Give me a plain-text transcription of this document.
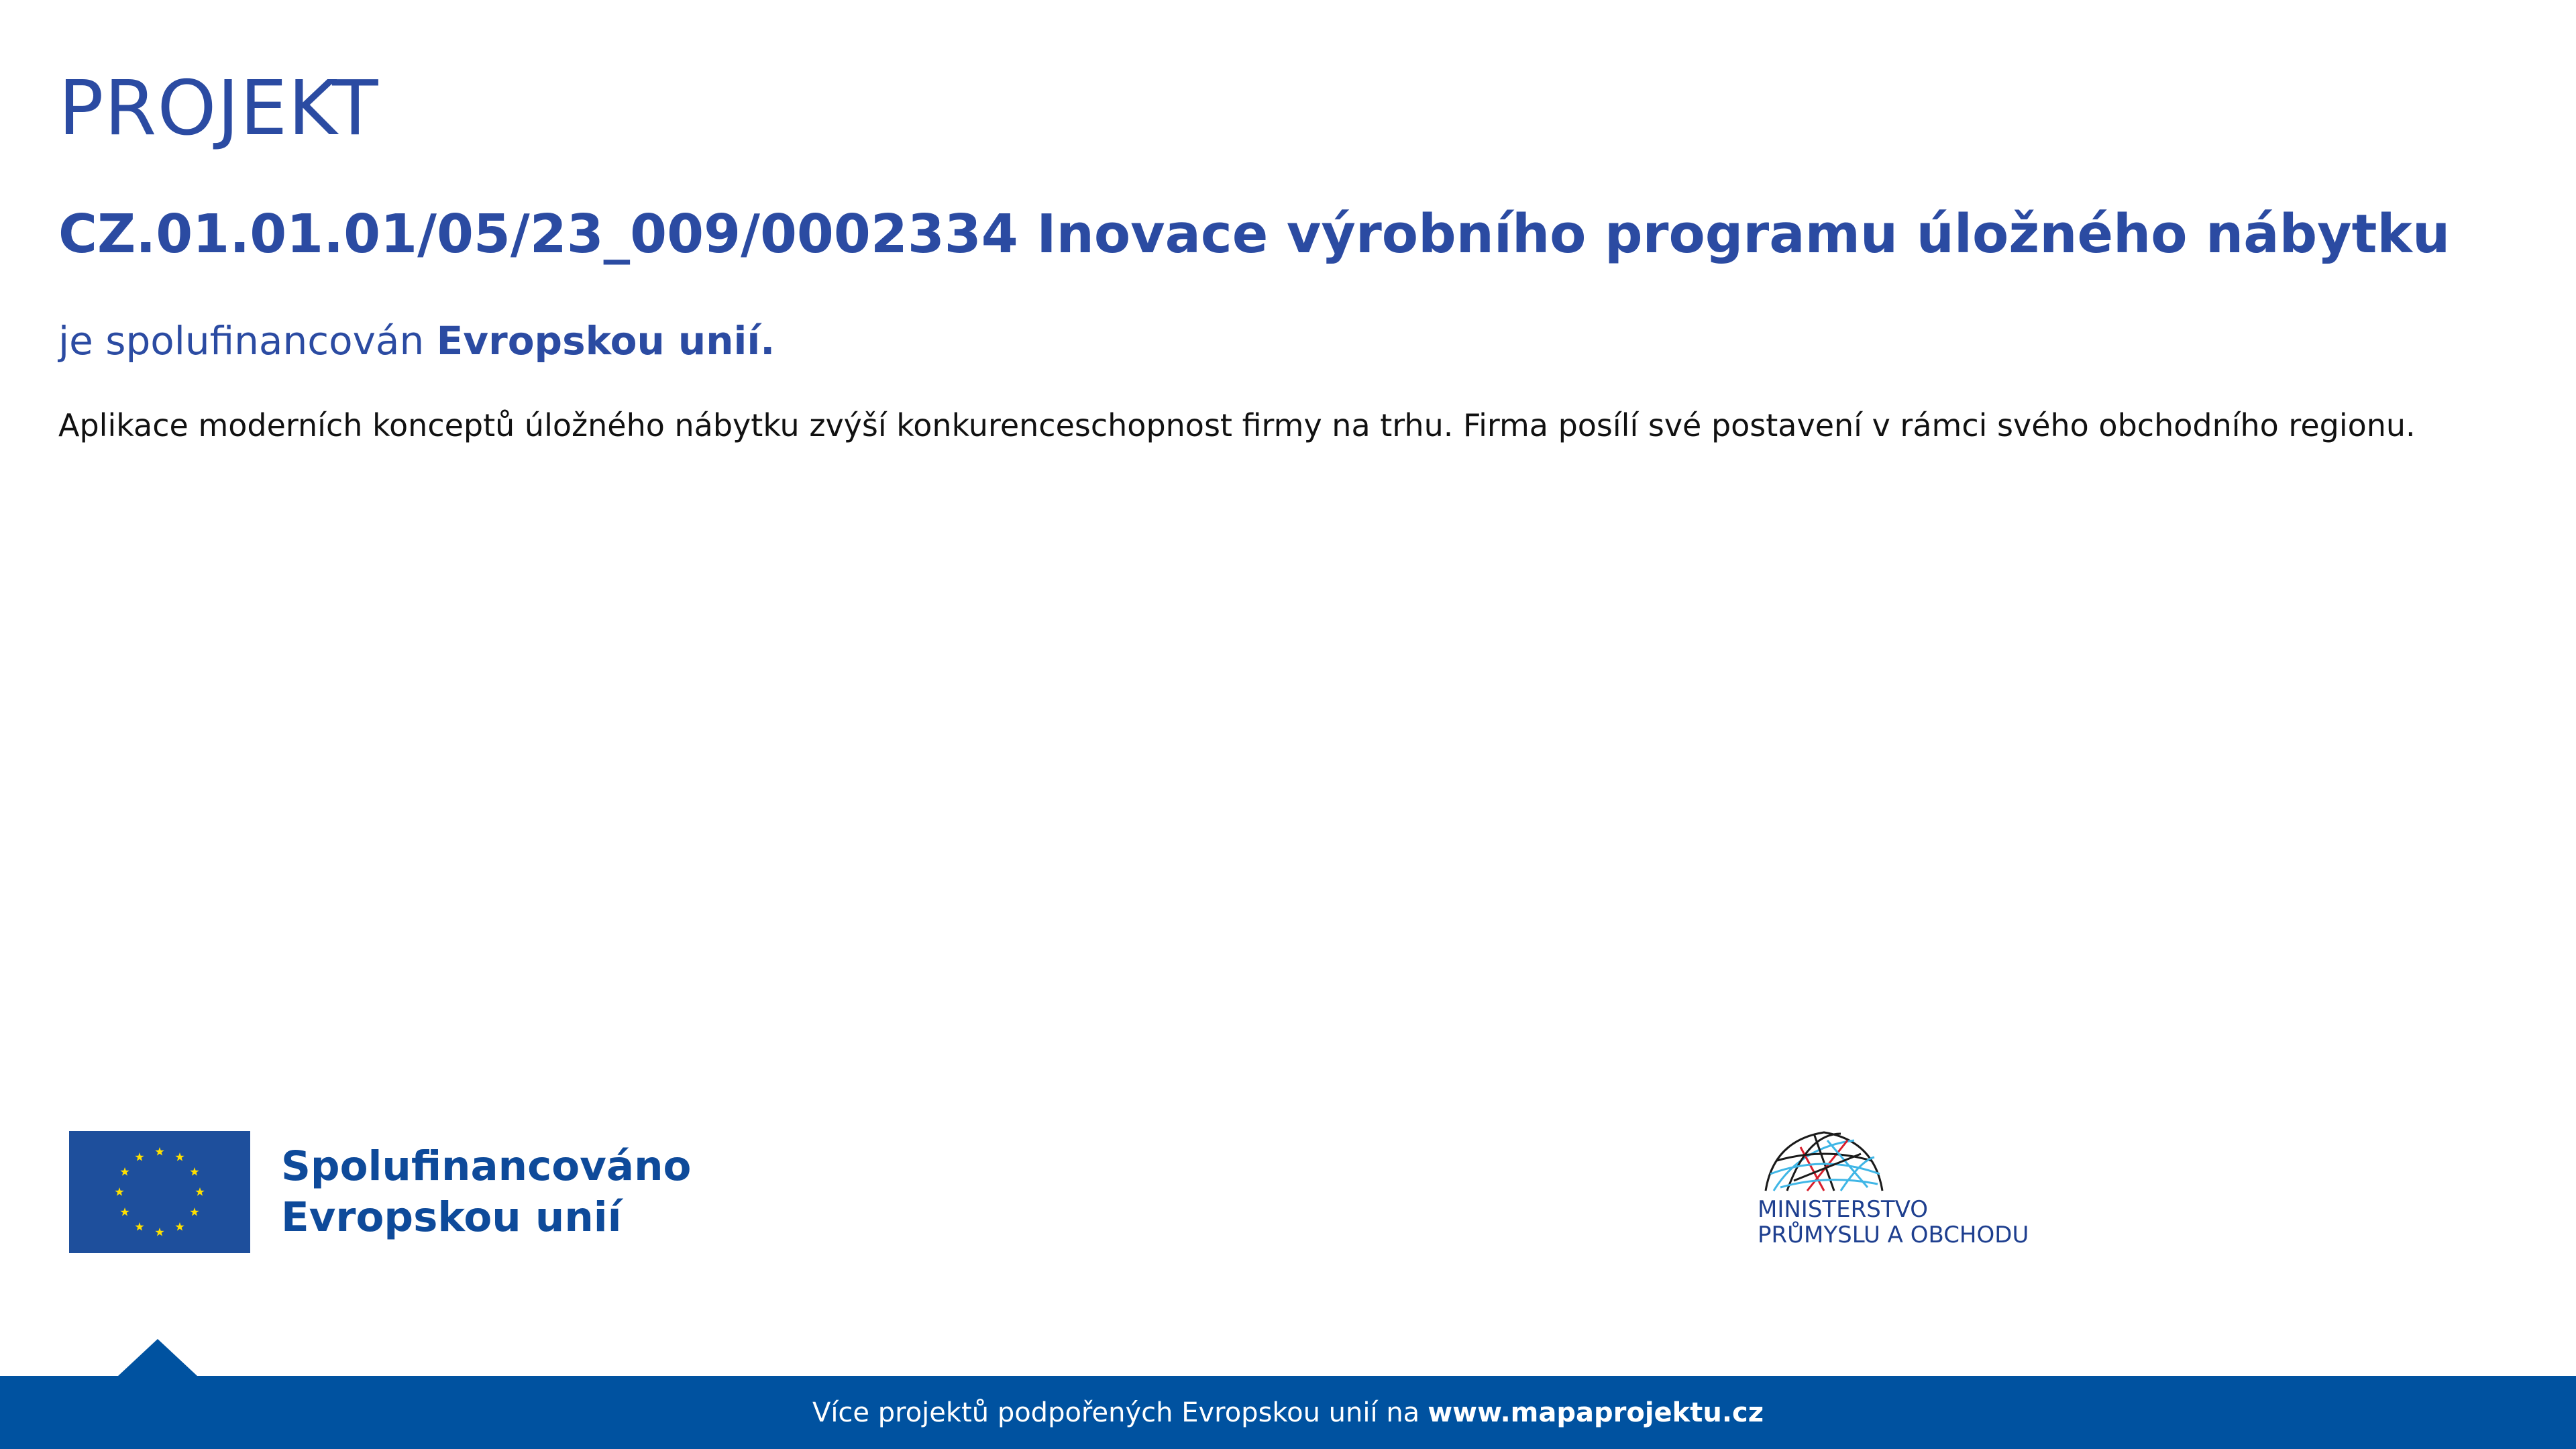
PROJEKT
CZ.01.01.01/05/23_009/0002334 Inovace výrobního programu úložného nábytku

je spolufinancován Evropskou unií.

Aplikace moderních konceptů úložného nábytku zvýší konkurenceschopnost firmy na trhu. Firma posílí své postavení v rámci svého obchodního regionu.

Spolufinancováno
Evropskou unií	MINISTERSTVO
PRŮMYSLU A OBCHODU
Více projektů podpořených Evropskou unií na www.mapaprojektu.cz
